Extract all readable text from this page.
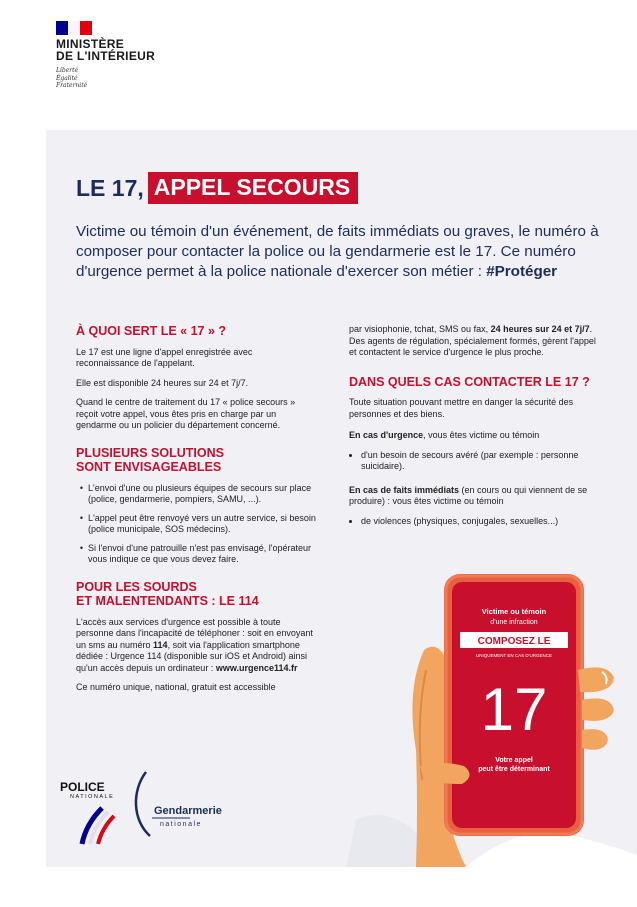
MINISTÈRE
DE L'INTÉRIEUR
Liberté
Égalité
Fraternité
LE 17, APPEL SECOURS

Victime ou témoin d'un événement, de faits immédiats ou graves, le numéro à composer pour contacter la police ou la gendarmerie est le 17. Ce numéro d'urgence permet à la police nationale d'exercer son métier : #Protéger

À QUOI SERT LE « 17 » ?

Le 17 est une ligne d'appel enregistrée avec reconnaissance de l'appelant.

Elle est disponible 24 heures sur 24 et 7j/7.

Quand le centre de traitement du 17 « police secours » reçoit votre appel, vous êtes pris en charge par un gendarme ou un policier du département concerné.

PLUSIEURS SOLUTIONS
SONT ENVISAGEABLES
• L'envoi d'une ou plusieurs équipes de secours sur place (police, gendarmerie, pompiers, SAMU, ...).
• L'appel peut être renvoyé vers un autre service, si besoin (police municipale, SOS médecins).
• Si l'envoi d'une patrouille n'est pas envisagé, l'opérateur vous indique ce que vous devez faire.
POUR LES SOURDS
ET MALENTENDANTS : LE 114

L'accès aux services d'urgence est possible à toute personne dans l'incapacité de téléphoner : soit en envoyant un sms au numéro 114, soit via l'application smartphone dédiée : Urgence 114 (disponible sur iOS et Android) ainsi qu'un accès depuis un ordinateur : www.urgence114.fr

Ce numéro unique, national, gratuit est accessible

par visiophonie, tchat, SMS ou fax, 24 heures sur 24 et 7j/7. Des agents de régulation, spécialement formés, gèrent l'appel et contactent le service d'urgence le plus proche.

DANS QUELS CAS CONTACTER LE 17 ?

Toute situation pouvant mettre en danger la sécurité des personnes et des biens.

En cas d'urgence, vous êtes victime ou témoin

• d'un besoin de secours avéré (par exemple : personne suicidaire).

En cas de faits immédiats (en cours ou qui viennent de se produire) : vous êtes victime ou témoin

• de violences (physiques, conjugales, sexuelles...)
POLICE
NATIONALE
Gendarmerie
nationale
Victime ou témoin
d'une infraction
COMPOSEZ LE
UNIQUEMENT EN CAS D'URGENCE
17
Votre appel
peut être déterminant
